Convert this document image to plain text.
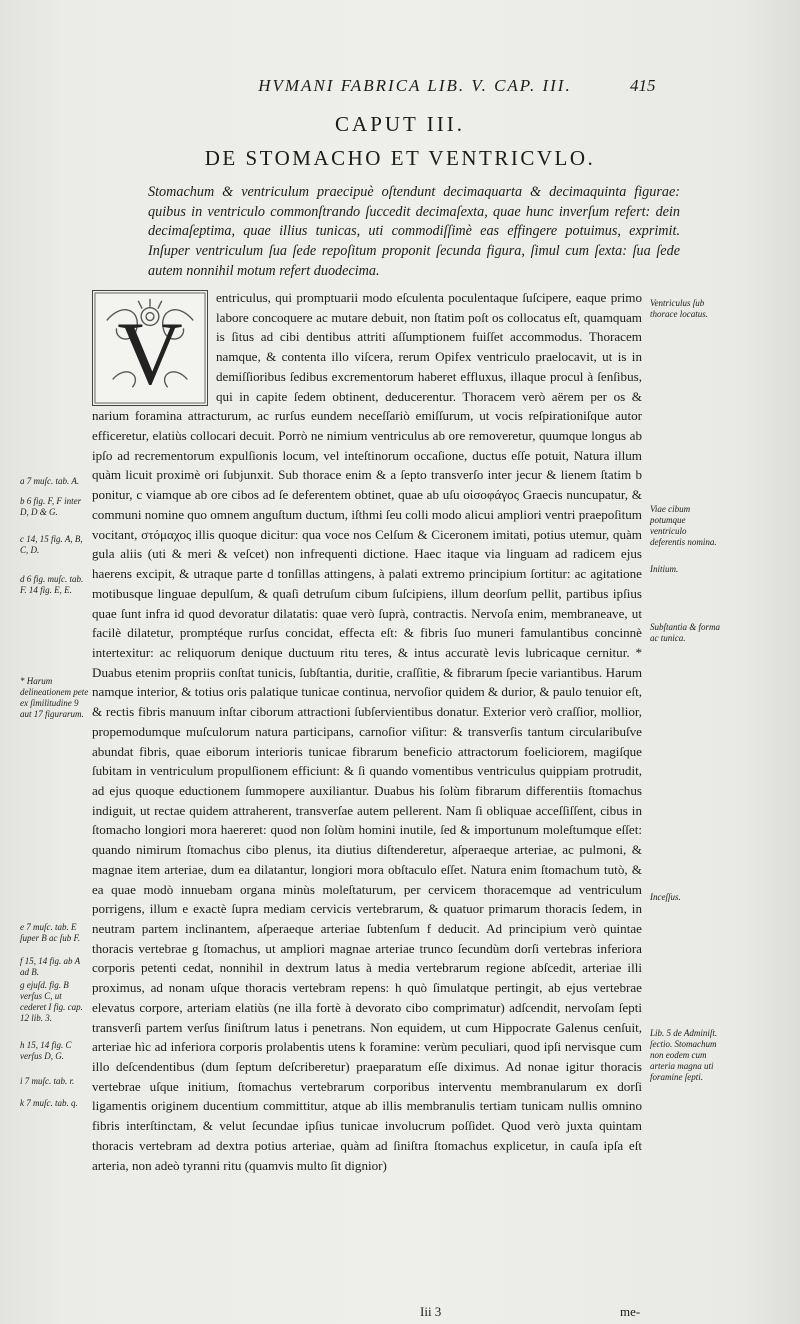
HVMANI FABRICA LIB. V. CAP. III.	415
CAPUT III.
DE STOMACHO ET VENTRICVLO.
Stomachum & ventriculum praecipuè oſtendunt decimaquarta & decimaquinta figurae: quibus in ventriculo commonſtrando ſuccedit decimaſexta, quae hunc inverſum refert: dein decimaſeptima, quae illius tunicas, uti commodiſſimè eas effingere potuimus, exprimit. Inſuper ventriculum ſua ſede repoſitum proponit ſecunda figura, ſimul cum ſexta: ſua ſede autem nonnihil motum refert duodecima.
V

entriculus, qui promptuarii modo eſculenta poculentaque ſuſcipere, eaque primo labore concoquere ac mutare debuit, non ſtatim poſt os collocatus eſt, quamquam is ſitus ad cibi dentibus attriti aſſumptionem fuiſſet accommodus. Thoracem namque, & contenta illo viſcera, rerum Opifex ventriculo praelocavit, ut is in demiſſioribus ſedibus excrementorum haberet effluxus, illaque procul à ſenſibus, qui in capite ſedem obtinent, deducerentur. Thoracem verò aërem per os & narium foramina attracturum, ac rurſus eundem neceſſariò emiſſurum, ut vocis reſpirationiſque autor efficeretur, elatiùs collocari decuit. Porrò ne nimium ventriculus ab ore removeretur, quumque longus ab ipſo ad recrementorum expulſionis locum, vel inteſtinorum occaſione, ductus eſſe potuit, Natura illum quàm licuit proximè ori ſubjunxit. Sub thorace enim & a ſepto transverſo inter jecur & lienem ſtatim b ponitur, c viamque ab ore cibos ad ſe deferentem obtinet, quae ab uſu οἰσοφάγος Graecis nuncupatur, & communi nomine quo omnem anguſtum ductum, iſthmi ſeu colli modo alicui ampliori ventri praepoſitum vocitant, στόμαχος illis quoque dicitur: qua voce nos Celſum & Ciceronem imitati, potius utemur, quàm gula aliis (uti & meri & veſcet) non infrequenti dictione. Haec itaque via linguam ad radicem ejus haerens excipit, & utraque parte d tonſillas attingens, à palati extremo principium ſortitur: ac agitatione motibusque linguae depulſum, & quaſi detruſum cibum ſuſcipiens, illum deorſum pellit, partibus ipſius quae ſunt infra id quod devoratur dilatatis: quae verò ſuprà, contractis. Nervoſa enim, membraneave, ut facilè dilatetur, promptéque rurſus concidat, effecta eſt: & fibris ſuo muneri famulantibus concinnè intertexitur: ac reliquorum denique ductuum ritu teres, & intus accuratè levis lubricaque cernitur. * Duabus etenim propriis conſtat tunicis, ſubſtantia, duritie, craſſitie, & fibrarum ſpecie variantibus. Harum namque interior, & totius oris palatique tunicae continua, nervoſior quidem & durior, & paulo tenuior eſt, & rectis fibris manuum inſtar ciborum attractioni ſubſervientibus donatur. Exterior verò craſſior, mollior, propemodumque muſculorum natura participans, carnoſior viſitur: & transverſis tantum circularibuſve abundat fibris, quae eiborum interioris tunicae fibrarum beneficio attractorum foeliciorem, magiſque ſubitam in ventriculum propulſionem efficiunt: & ſi quando vomentibus ventriculus quippiam protrudit, ad ejus quoque eductionem ſummopere auxiliantur. Duabus his ſolùm fibrarum differentiis ſtomachus indiguit, ut rectae quidem attraherent, transverſae autem pellerent. Nam ſi obliquae acceſſiſſent, cibus in ſtomacho longiori mora haereret: quod non ſolùm homini inutile, ſed & importunum moleſtumque eſſet: quando nimirum ſtomachus cibo plenus, ita diutius diſtenderetur, aſperaeque arteriae, ac pulmoni, & magnae item arteriae, dum ea dilatantur, longiori mora obſtaculo eſſet. Natura enim ſtomachum tutò, & ea quae modò innuebam organa minùs moleſtaturum, per cervicem thoracemque ad ventriculum porrigens, illum e exactè ſupra mediam cervicis vertebrarum, & quatuor primarum thoracis ſedem, in neutram partem inclinantem, aſperaeque arteriae ſubtenſum f deducit. Ad principium verò quintae thoracis vertebrae g ſtomachus, ut ampliori magnae arteriae trunco ſecundùm dorſi vertebras inferiora corporis petenti cedat, nonnihil in dextrum latus à media vertebrarum regione abſcedit, arteriae illi proximus, ad nonam uſque thoracis vertebram repens: h quò ſimulatque pertingit, ab ejus vertebrae elevatus corpore, arteriam elatiùs (ne illa fortè à devorato cibo comprimatur) adſcendit, nervoſam ſepti transverſi partem verſus ſiniſtrum latus i penetrans. Non equidem, ut cum Hippocrate Galenus cenſuit, arteriae hìc ad inferiora corporis prolabentis utens k foramine: verùm peculiari, quod ipſi nervisque cum illo deſcendentibus (dum ſeptum deſcriberetur) praeparatum eſſe diximus. Ad nonae igitur thoracis vertebrae uſque initium, ſtomachus vertebrarum corporibus interventu membranularum ex dorſi ligamentis originem ducentium committitur, atque ab illis membranulis tertiam tunicam nullis omnino fibris interſtinctam, & velut ſecundae ipſius tunicae involucrum poſſidet. Quod verò juxta quintam thoracis vertebram ad dextra potius arteriae, quàm ad ſiniſtra ſtomachus explicetur, in cauſa ipſa eſt arteria, non adeò tyranni ritu (quamvis multo ſit dignior)

a 7 muſc. tab. A.
b 6 fig. F, F inter D, D & G.
c 14, 15 fig. A, B, C, D.
d 6 fig. muſc. tab. F. 14 fig. E, E.
* Harum delineationem pete ex ſimilitudine 9 aut 17 figurarum.
e 7 muſc. tab. E ſuper B ac ſub F.
f 15, 14 fig. ab A ad B.
g ejuſd. fig. B verſus C, ut cederet I fig. cap. 12 lib. 3.
h 15, 14 fig. C verſus D, G.
i 7 muſc. tab. r.
k 7 muſc. tab. q.
Ventriculus ſub thorace locatus.
Viae cibum potumque ventriculo deferentis nomina.
Initium.
Subſtantia & forma ac tunica.
Inceſſus.
Lib. 5 de Adminiſt. ſectio. Stomachum non eodem cum arteria magna uti foramine ſepti.
Iii 3	me-
